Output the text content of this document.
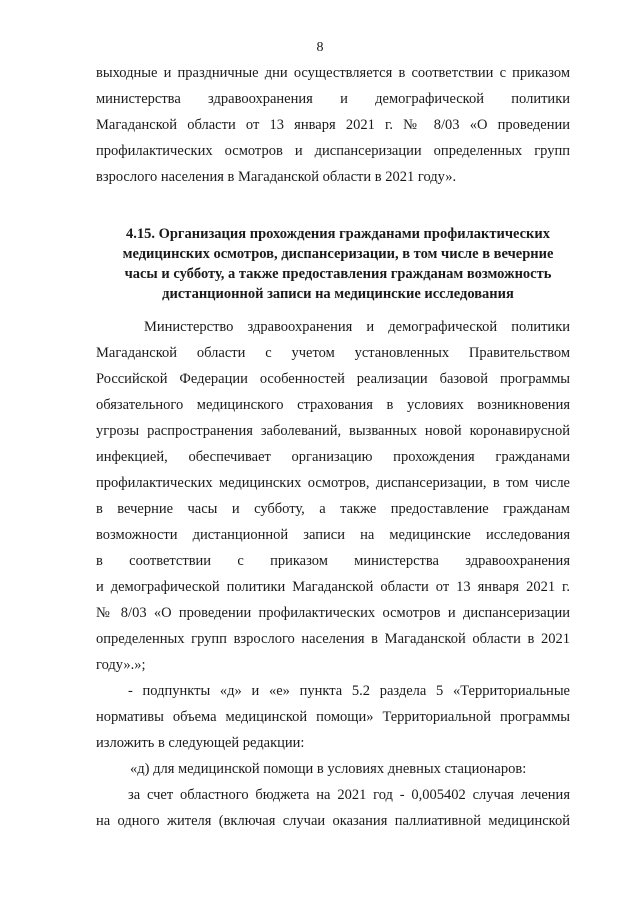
8
выходные и праздничные дни осуществляется в соответствии с приказом
министерства здравоохранения и демографической политики
Магаданской области от 13 января 2021 г. № 8/03 «О проведении
профилактических осмотров и диспансеризации определенных групп
взрослого населения в Магаданской области в 2021 году».
4.15. Организация прохождения гражданами профилактических
медицинских осмотров, диспансеризации, в том числе в вечерние
часы и субботу, а также предоставления гражданам возможность
дистанционной записи на медицинские исследования
Министерство здравоохранения и демографической политики
Магаданской области с учетом установленных Правительством
Российской Федерации особенностей реализации базовой программы
обязательного медицинского страхования в условиях возникновения
угрозы распространения заболеваний, вызванных новой коронавирусной
инфекцией, обеспечивает организацию прохождения гражданами
профилактических медицинских осмотров, диспансеризации, в том числе
в вечерние часы и субботу, а также предоставление гражданам
возможности дистанционной записи на медицинские исследования
в соответствии с приказом министерства здравоохранения
и демографической политики Магаданской области от 13 января 2021 г.
№ 8/03 «О проведении профилактических осмотров и диспансеризации
определенных групп взрослого населения в Магаданской области в 2021
году».»;
- подпункты «д» и «е» пункта 5.2 раздела 5 «Территориальные
нормативы объема медицинской помощи» Территориальной программы
изложить в следующей редакции:
«д) для медицинской помощи в условиях дневных стационаров:
за счет областного бюджета на 2021 год - 0,005402 случая лечения
на одного жителя (включая случаи оказания паллиативной медицинской
